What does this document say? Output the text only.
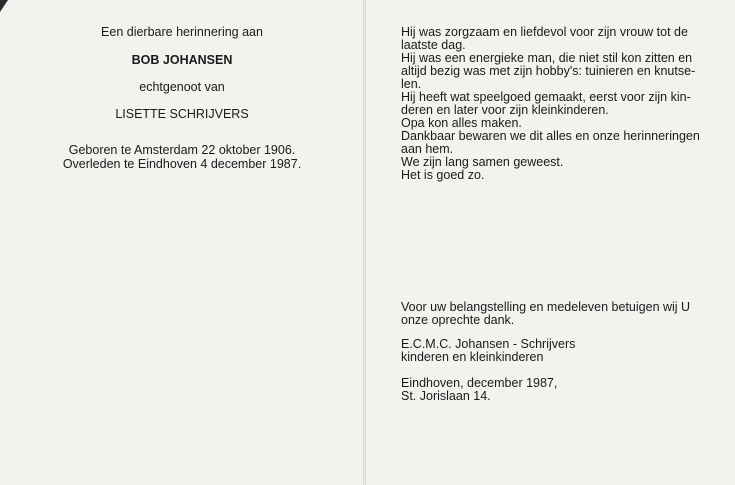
Een dierbare herinnering aan

BOB JOHANSEN

echtgenoot van

LISETTE SCHRIJVERS

Geboren te Amsterdam 22 oktober 1906.

Overleden te Eindhoven 4 december 1987.

Hij was zorgzaam en liefdevol voor zijn vrouw tot de

laatste dag.

Hij was een energieke man, die niet stil kon zitten en

altijd bezig was met zijn hobby's: tuinieren en knutse-

len.

Hij heeft wat speelgoed gemaakt, eerst voor zijn kin-

deren en later voor zijn kleinkinderen.

Opa kon alles maken.

Dankbaar bewaren we dit alles en onze herinneringen

aan hem.

We zijn lang samen geweest.

Het is goed zo.

Voor uw belangstelling en medeleven betuigen wij U

onze oprechte dank.

E.C.M.C. Johansen - Schrijvers

kinderen en kleinkinderen

Eindhoven, december 1987,

St. Jorislaan 14.
